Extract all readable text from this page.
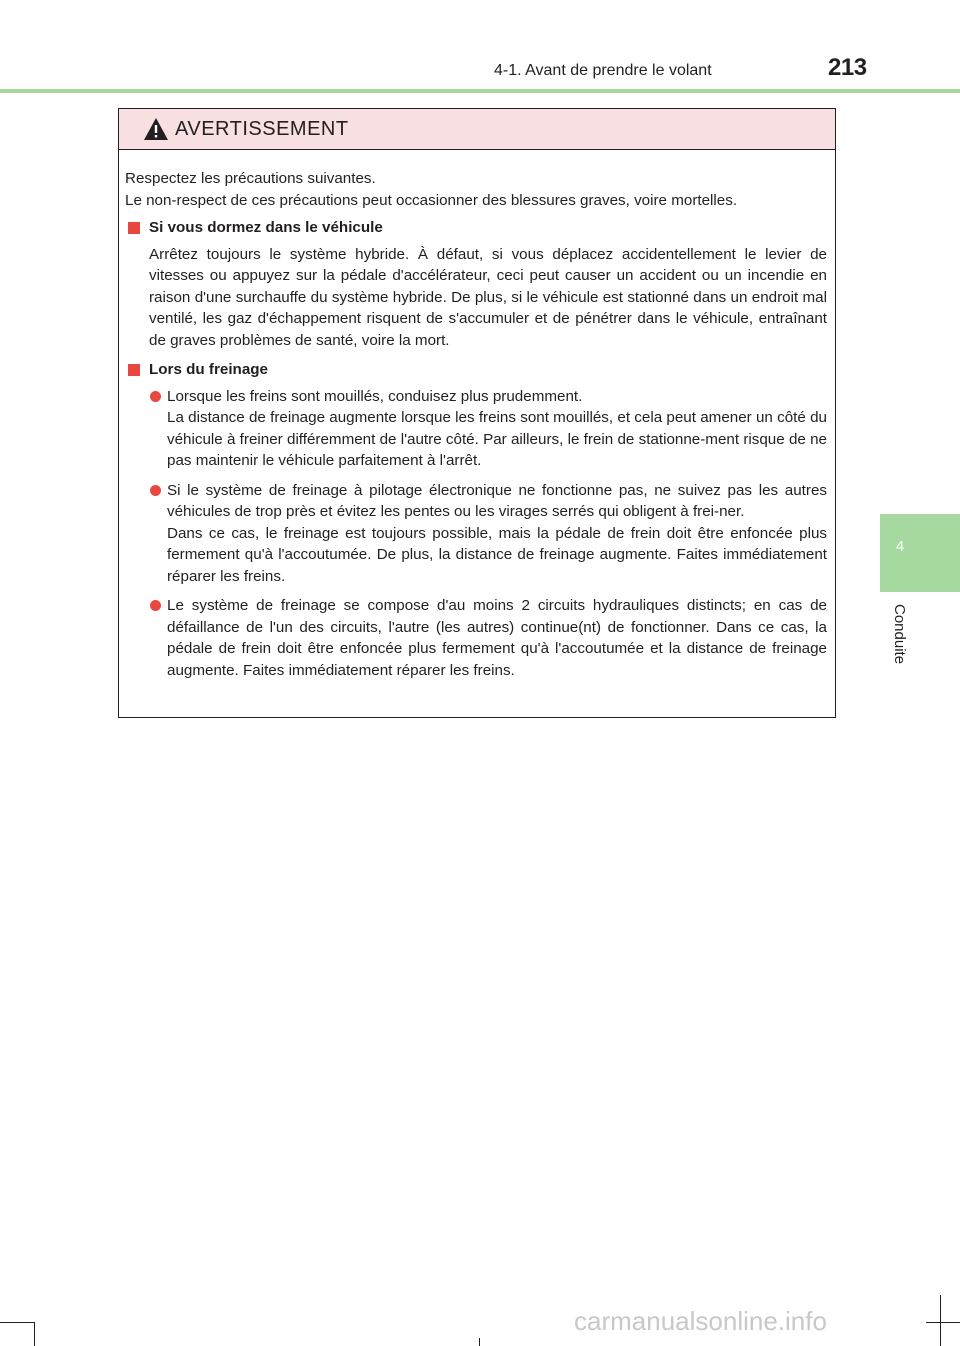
213
4-1. Avant de prendre le volant
4
Conduite
AVERTISSEMENT
Respectez les précautions suivantes.
Le non-respect de ces précautions peut occasionner des blessures graves, voire mortelles.
Si vous dormez dans le véhicule
Arrêtez toujours le système hybride. À défaut, si vous déplacez accidentellement le levier de vitesses ou appuyez sur la pédale d'accélérateur, ceci peut causer un accident ou un incendie en raison d'une surchauffe du système hybride. De plus, si le véhicule est stationné dans un endroit mal ventilé, les gaz d'échappement risquent de s'accumuler et de pénétrer dans le véhicule, entraînant de graves problèmes de santé, voire la mort.
Lors du freinage
Lorsque les freins sont mouillés, conduisez plus prudemment.
La distance de freinage augmente lorsque les freins sont mouillés, et cela peut amener un côté du véhicule à freiner différemment de l'autre côté. Par ailleurs, le frein de stationne-ment risque de ne pas maintenir le véhicule parfaitement à l'arrêt.
Si le système de freinage à pilotage électronique ne fonctionne pas, ne suivez pas les autres véhicules de trop près et évitez les pentes ou les virages serrés qui obligent à frei-ner.
Dans ce cas, le freinage est toujours possible, mais la pédale de frein doit être enfoncée plus fermement qu'à l'accoutumée. De plus, la distance de freinage augmente. Faites immédiatement réparer les freins.
Le système de freinage se compose d'au moins 2 circuits hydrauliques distincts; en cas de défaillance de l'un des circuits, l'autre (les autres) continue(nt) de fonctionner. Dans ce cas, la pédale de frein doit être enfoncée plus fermement qu'à l'accoutumée et la distance de freinage augmente. Faites immédiatement réparer les freins.
carmanualsonline.info
